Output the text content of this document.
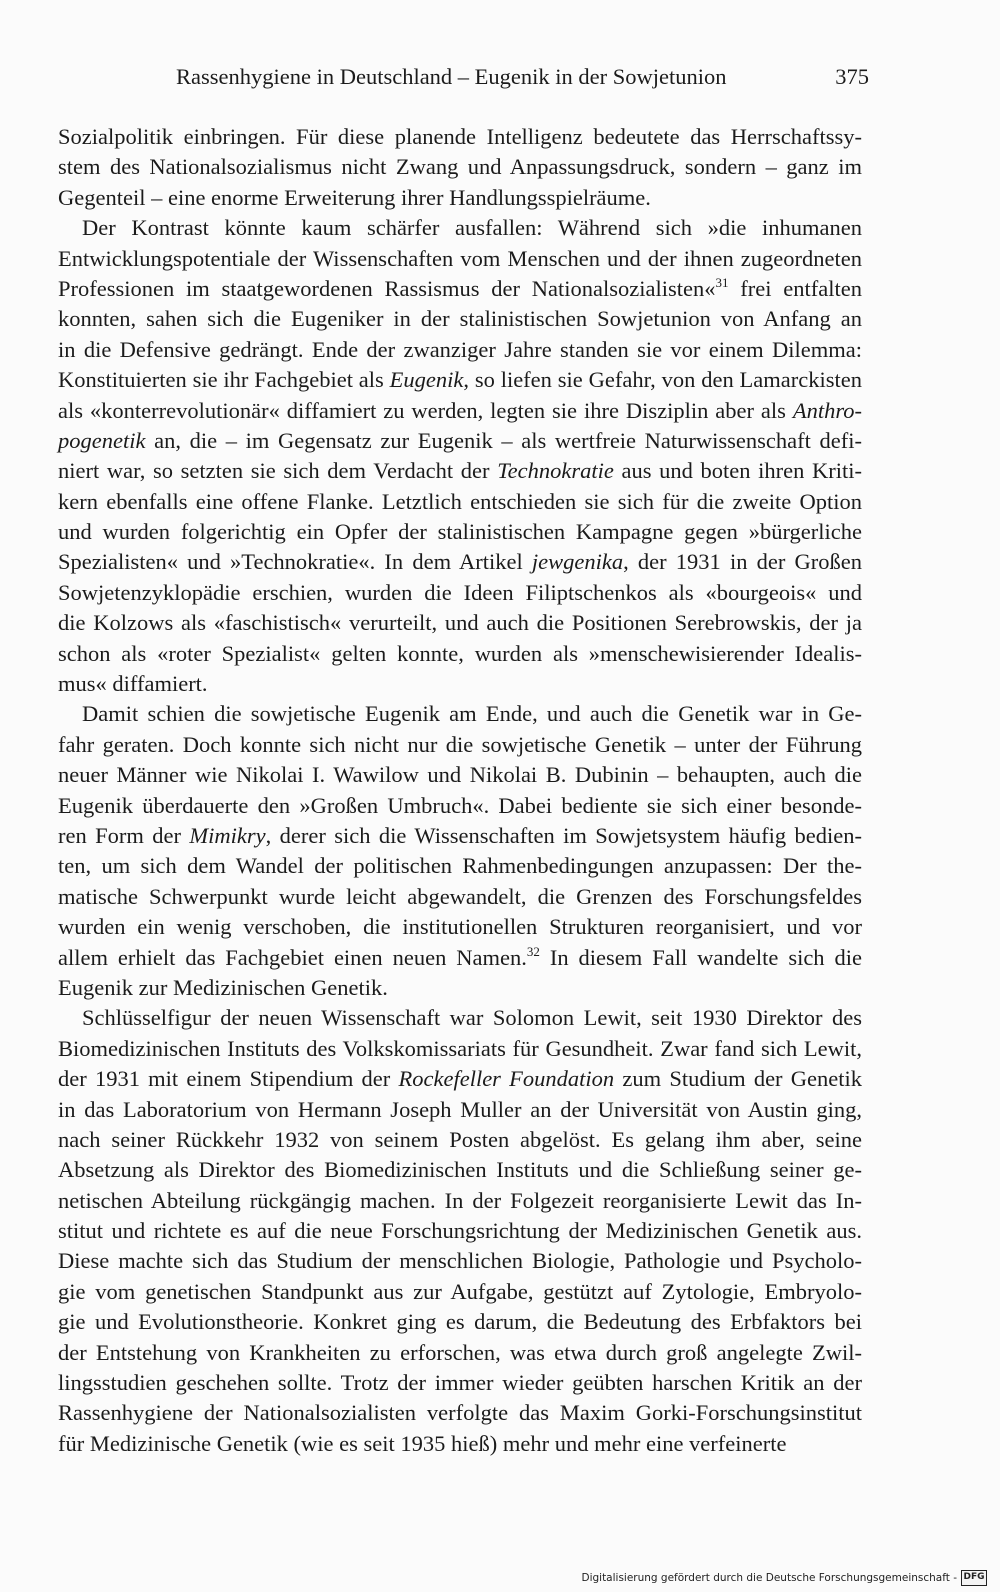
Rassenhygiene in Deutschland – Eugenik in der Sowjetunion	375
Sozialpolitik einbringen. Für diese planende Intelligenz bedeutete das Herrschaftssy-
stem des Nationalsozialismus nicht Zwang und Anpassungsdruck, sondern – ganz im
Gegenteil – eine enorme Erweiterung ihrer Handlungsspielräume.
Der Kontrast könnte kaum schärfer ausfallen: Während sich »die inhumanen
Entwicklungspotentiale der Wissenschaften vom Menschen und der ihnen zugeordneten
Professionen im staatgewordenen Rassismus der Nationalsozialisten«$^{31}$ frei entfalten
konnten, sahen sich die Eugeniker in der stalinistischen Sowjetunion von Anfang an
in die Defensive gedrängt. Ende der zwanziger Jahre standen sie vor einem Dilemma:
Konstituierten sie ihr Fachgebiet als Eugenik, so liefen sie Gefahr, von den Lamarckisten
als «konterrevolutionär« diffamiert zu werden, legten sie ihre Disziplin aber als Anthro-
pogenetik an, die – im Gegensatz zur Eugenik – als wertfreie Naturwissenschaft defi-
niert war, so setzten sie sich dem Verdacht der Technokratie aus und boten ihren Kriti-
kern ebenfalls eine offene Flanke. Letztlich entschieden sie sich für die zweite Option
und wurden folgerichtig ein Opfer der stalinistischen Kampagne gegen »bürgerliche
Spezialisten« und »Technokratie«. In dem Artikel jewgenika, der 1931 in der Großen
Sowjetenzyklopädie erschien, wurden die Ideen Filiptschenkos als «bourgeois« und
die Kolzows als «faschistisch« verurteilt, und auch die Positionen Serebrowskis, der ja
schon als «roter Spezialist« gelten konnte, wurden als »menschewisierender Idealis-
mus« diffamiert.
Damit schien die sowjetische Eugenik am Ende, und auch die Genetik war in Ge-
fahr geraten. Doch konnte sich nicht nur die sowjetische Genetik – unter der Führung
neuer Männer wie Nikolai I. Wawilow und Nikolai B. Dubinin – behaupten, auch die
Eugenik überdauerte den »Großen Umbruch«. Dabei bediente sie sich einer besonde-
ren Form der Mimikry, derer sich die Wissenschaften im Sowjetsystem häufig bedien-
ten, um sich dem Wandel der politischen Rahmenbedingungen anzupassen: Der the-
matische Schwerpunkt wurde leicht abgewandelt, die Grenzen des Forschungsfeldes
wurden ein wenig verschoben, die institutionellen Strukturen reorganisiert, und vor
allem erhielt das Fachgebiet einen neuen Namen.$^{32}$ In diesem Fall wandelte sich die
Eugenik zur Medizinischen Genetik.
Schlüsselfigur der neuen Wissenschaft war Solomon Lewit, seit 1930 Direktor des
Biomedizinischen Instituts des Volkskomissariats für Gesundheit. Zwar fand sich Lewit,
der 1931 mit einem Stipendium der Rockefeller Foundation zum Studium der Genetik
in das Laboratorium von Hermann Joseph Muller an der Universität von Austin ging,
nach seiner Rückkehr 1932 von seinem Posten abgelöst. Es gelang ihm aber, seine
Absetzung als Direktor des Biomedizinischen Instituts und die Schließung seiner ge-
netischen Abteilung rückgängig machen. In der Folgezeit reorganisierte Lewit das In-
stitut und richtete es auf die neue Forschungsrichtung der Medizinischen Genetik aus.
Diese machte sich das Studium der menschlichen Biologie, Pathologie und Psycholo-
gie vom genetischen Standpunkt aus zur Aufgabe, gestützt auf Zytologie, Embryolo-
gie und Evolutionstheorie. Konkret ging es darum, die Bedeutung des Erbfaktors bei
der Entstehung von Krankheiten zu erforschen, was etwa durch groß angelegte Zwil-
lingsstudien geschehen sollte. Trotz der immer wieder geübten harschen Kritik an der
Rassenhygiene der Nationalsozialisten verfolgte das Maxim Gorki-Forschungsinstitut
für Medizinische Genetik (wie es seit 1935 hieß) mehr und mehr eine verfeinerte
Digitalisierung gefördert durch die Deutsche Forschungsgemeinschaft - DFG
